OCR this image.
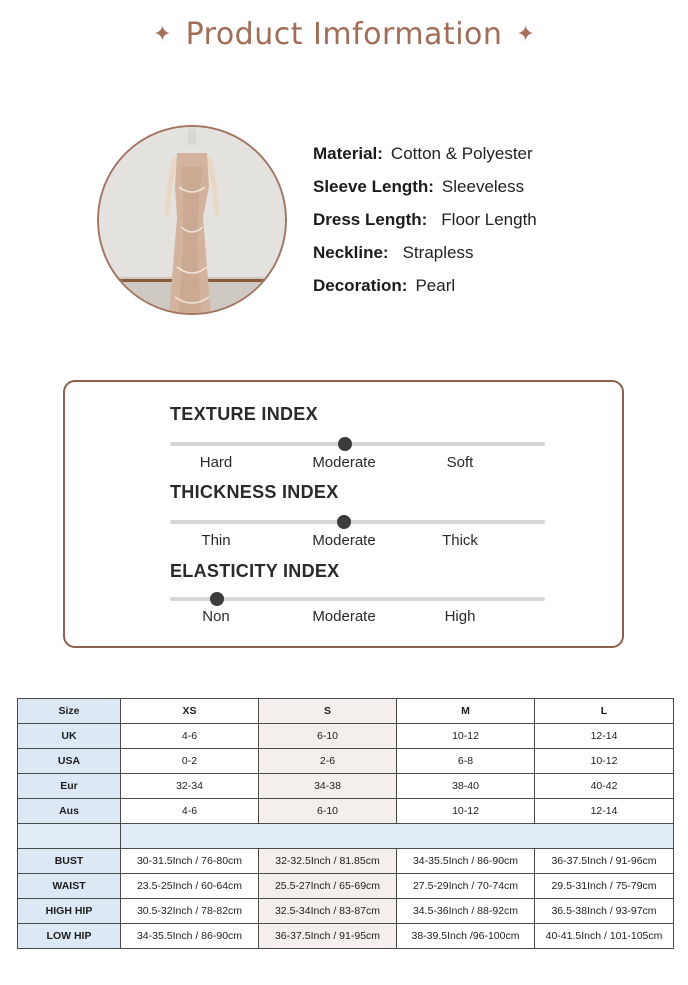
✦ Product Imformation ✦
Material: Cotton & Polyester
Sleeve Length: Sleeveless
Dress Length: Floor Length
Neckline: Strapless
Decoration: Pearl
TEXTURE INDEX
Hard	Moderate	Soft
THICKNESS INDEX
Thin	Moderate	Thick
ELASTICITY INDEX
Non	Moderate	High
Size	XS	S	M	L
UK	4-6	6-10	10-12	12-14
USA	0-2	2-6	6-8	10-12
Eur	32-34	34-38	38-40	40-42
Aus	4-6	6-10	10-12	12-14

BUST	30-31.5Inch / 76-80cm	32-32.5Inch / 81.85cm	34-35.5Inch / 86-90cm	36-37.5Inch / 91-96cm
WAIST	23.5-25Inch / 60-64cm	25.5-27Inch / 65-69cm	27.5-29Inch / 70-74cm	29.5-31Inch / 75-79cm
HIGH HIP	30.5-32Inch / 78-82cm	32.5-34Inch / 83-87cm	34.5-36Inch / 88-92cm	36.5-38Inch / 93-97cm
LOW HIP	34-35.5Inch / 86-90cm	36-37.5Inch / 91-95cm	38-39.5Inch /96-100cm	40-41.5Inch / 101-105cm
